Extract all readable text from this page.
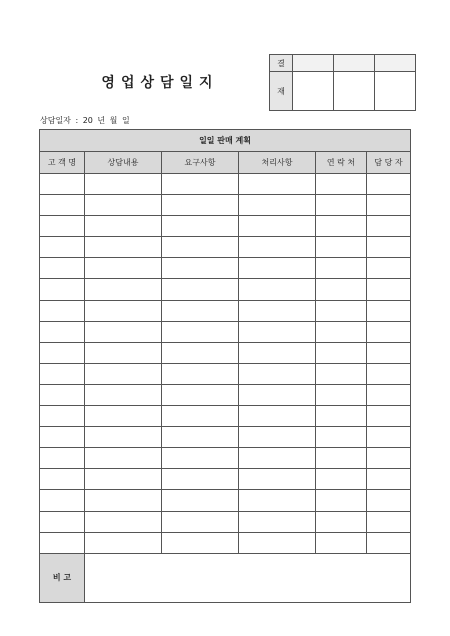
영업상담일지
결			
재			
상담일자 : 20 년 월 일
일일 판매 계획					
고 객 명	상담내용	요구사항	처리사항	연 락 처	담 당 자

비 고					
